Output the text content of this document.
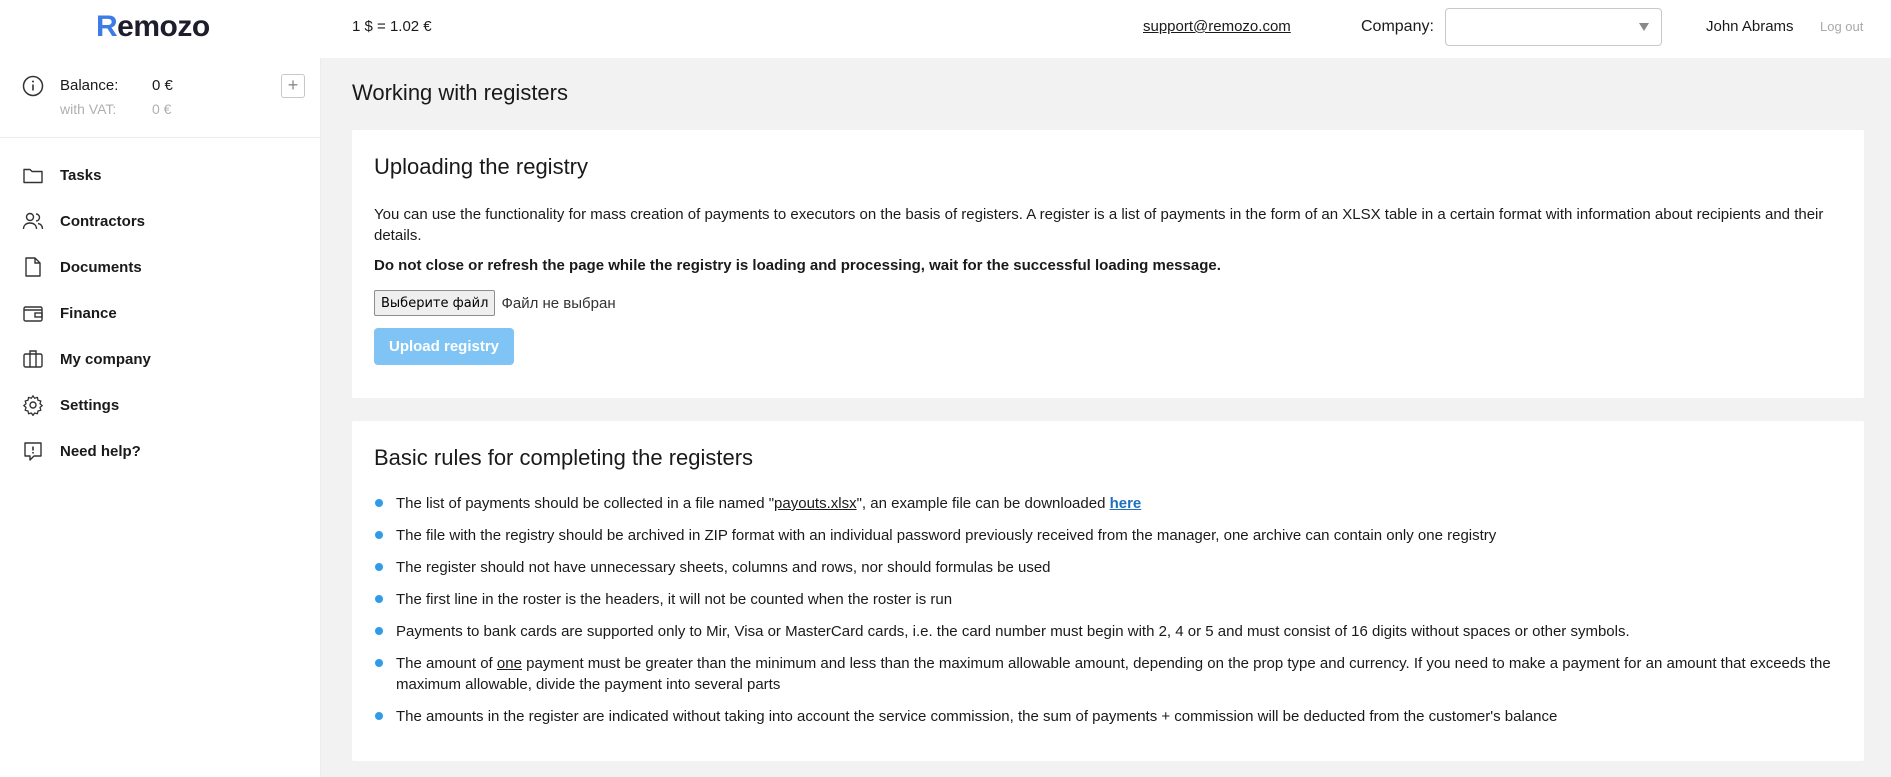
Remozo	1 $ = 1.02 €	support@remozo.com	Company:	John Abrams Log out
Balance: 0 €
with VAT:	0 €
+
Tasks
Contractors
Documents
Finance
My company
Settings
Need help?
Working with registers
Uploading the registry

You can use the functionality for mass creation of payments to executors on the basis of registers. A register is a list of payments in the form of an XLSX table in a certain format with information about recipients and their details.

Do not close or refresh the page while the registry is loading and processing, wait for the successful loading message.

Выберите файл Файл не выбран
Upload registry
Basic rules for completing the registers
The list of payments should be collected in a file named "payouts.xlsx", an example file can be downloaded here
The file with the registry should be archived in ZIP format with an individual password previously received from the manager, one archive can contain only one registry
The register should not have unnecessary sheets, columns and rows, nor should formulas be used
The first line in the roster is the headers, it will not be counted when the roster is run
Payments to bank cards are supported only to Mir, Visa or MasterCard cards, i.e. the card number must begin with 2, 4 or 5 and must consist of 16 digits without spaces or other symbols.
The amount of one payment must be greater than the minimum and less than the maximum allowable amount, depending on the prop type and currency. If you need to make a payment for an amount that exceeds the maximum allowable, divide the payment into several parts
The amounts in the register are indicated without taking into account the service commission, the sum of payments + commission will be deducted from the customer's balance
